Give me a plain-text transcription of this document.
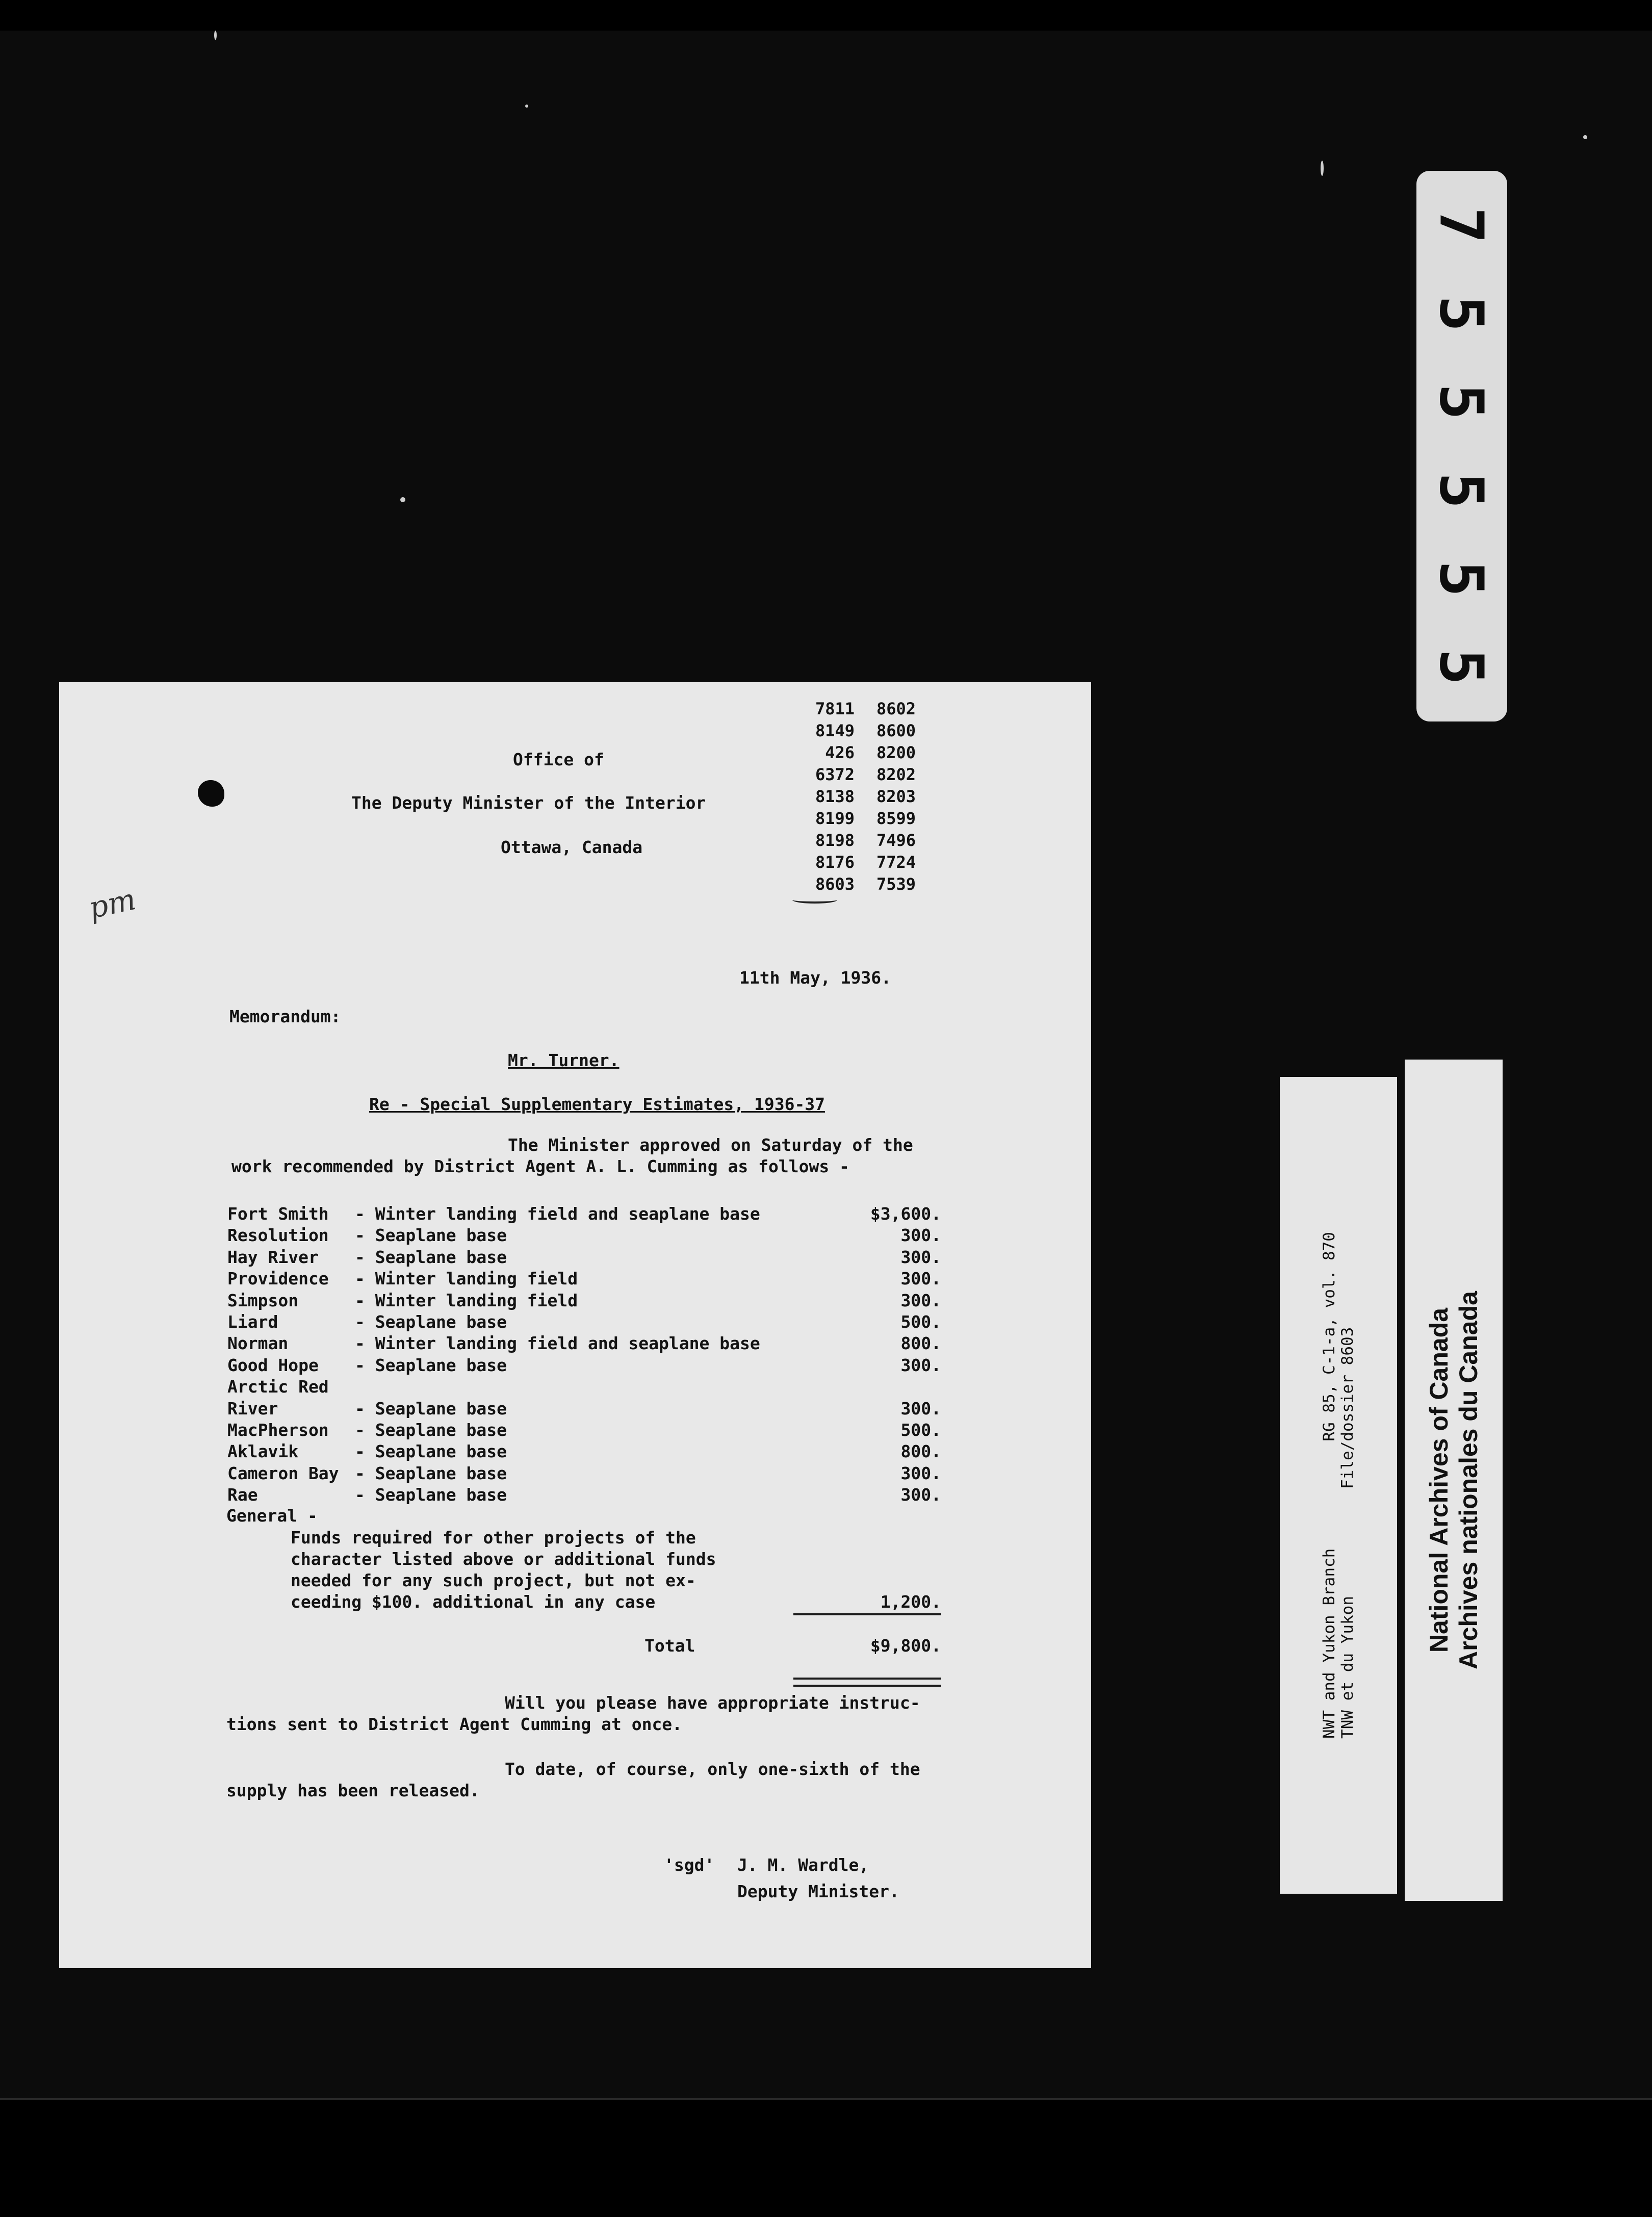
7
5
5
5
5
5
NWT and Yukon Branch
RG 85, C-1-a, vol. 870
TNW et du Yukon
File/dossier 8603	National Archives of Canada Archives nationales du Canada
pm
Office of
The Deputy Minister of the Interior
Ottawa, Canada
7811	8602
8149	8600
426	8200
6372	8202
8138	8203
8199	8599
8198	7496
8176	7724
8603	7539
11th May, 1936.
Memorandum:
Mr. Turner.
Re - Special Supplementary Estimates, 1936-37
The Minister approved on Saturday of the
work recommended by District Agent A. L. Cumming as follows -
Fort Smith - Winter landing field and seaplane base	$3,600.
Resolution - Seaplane base	300.
Hay River - Seaplane base	300.
Providence - Winter landing field	300.
Simpson	- Winter landing field	300.
Liard	- Seaplane base	500.
Norman	- Winter landing field and seaplane base	800.
Good Hope - Seaplane base	300.
Arctic Red
River	- Seaplane base	300.
MacPherson - Seaplane base	500.
Aklavik	- Seaplane base	800.
Cameron Bay - Seaplane base	300.
Rae	- Seaplane base	300.
General -
Funds required for other projects of the
character listed above or additional funds
needed for any such project, but not ex-
ceeding $100. additional in any case	1,200.
Total	$9,800.
Will you please have appropriate instruc-
tions sent to District Agent Cumming at once.
To date, of course, only one-sixth of the
supply has been released.
'sgd' J. M. Wardle,
Deputy Minister.
